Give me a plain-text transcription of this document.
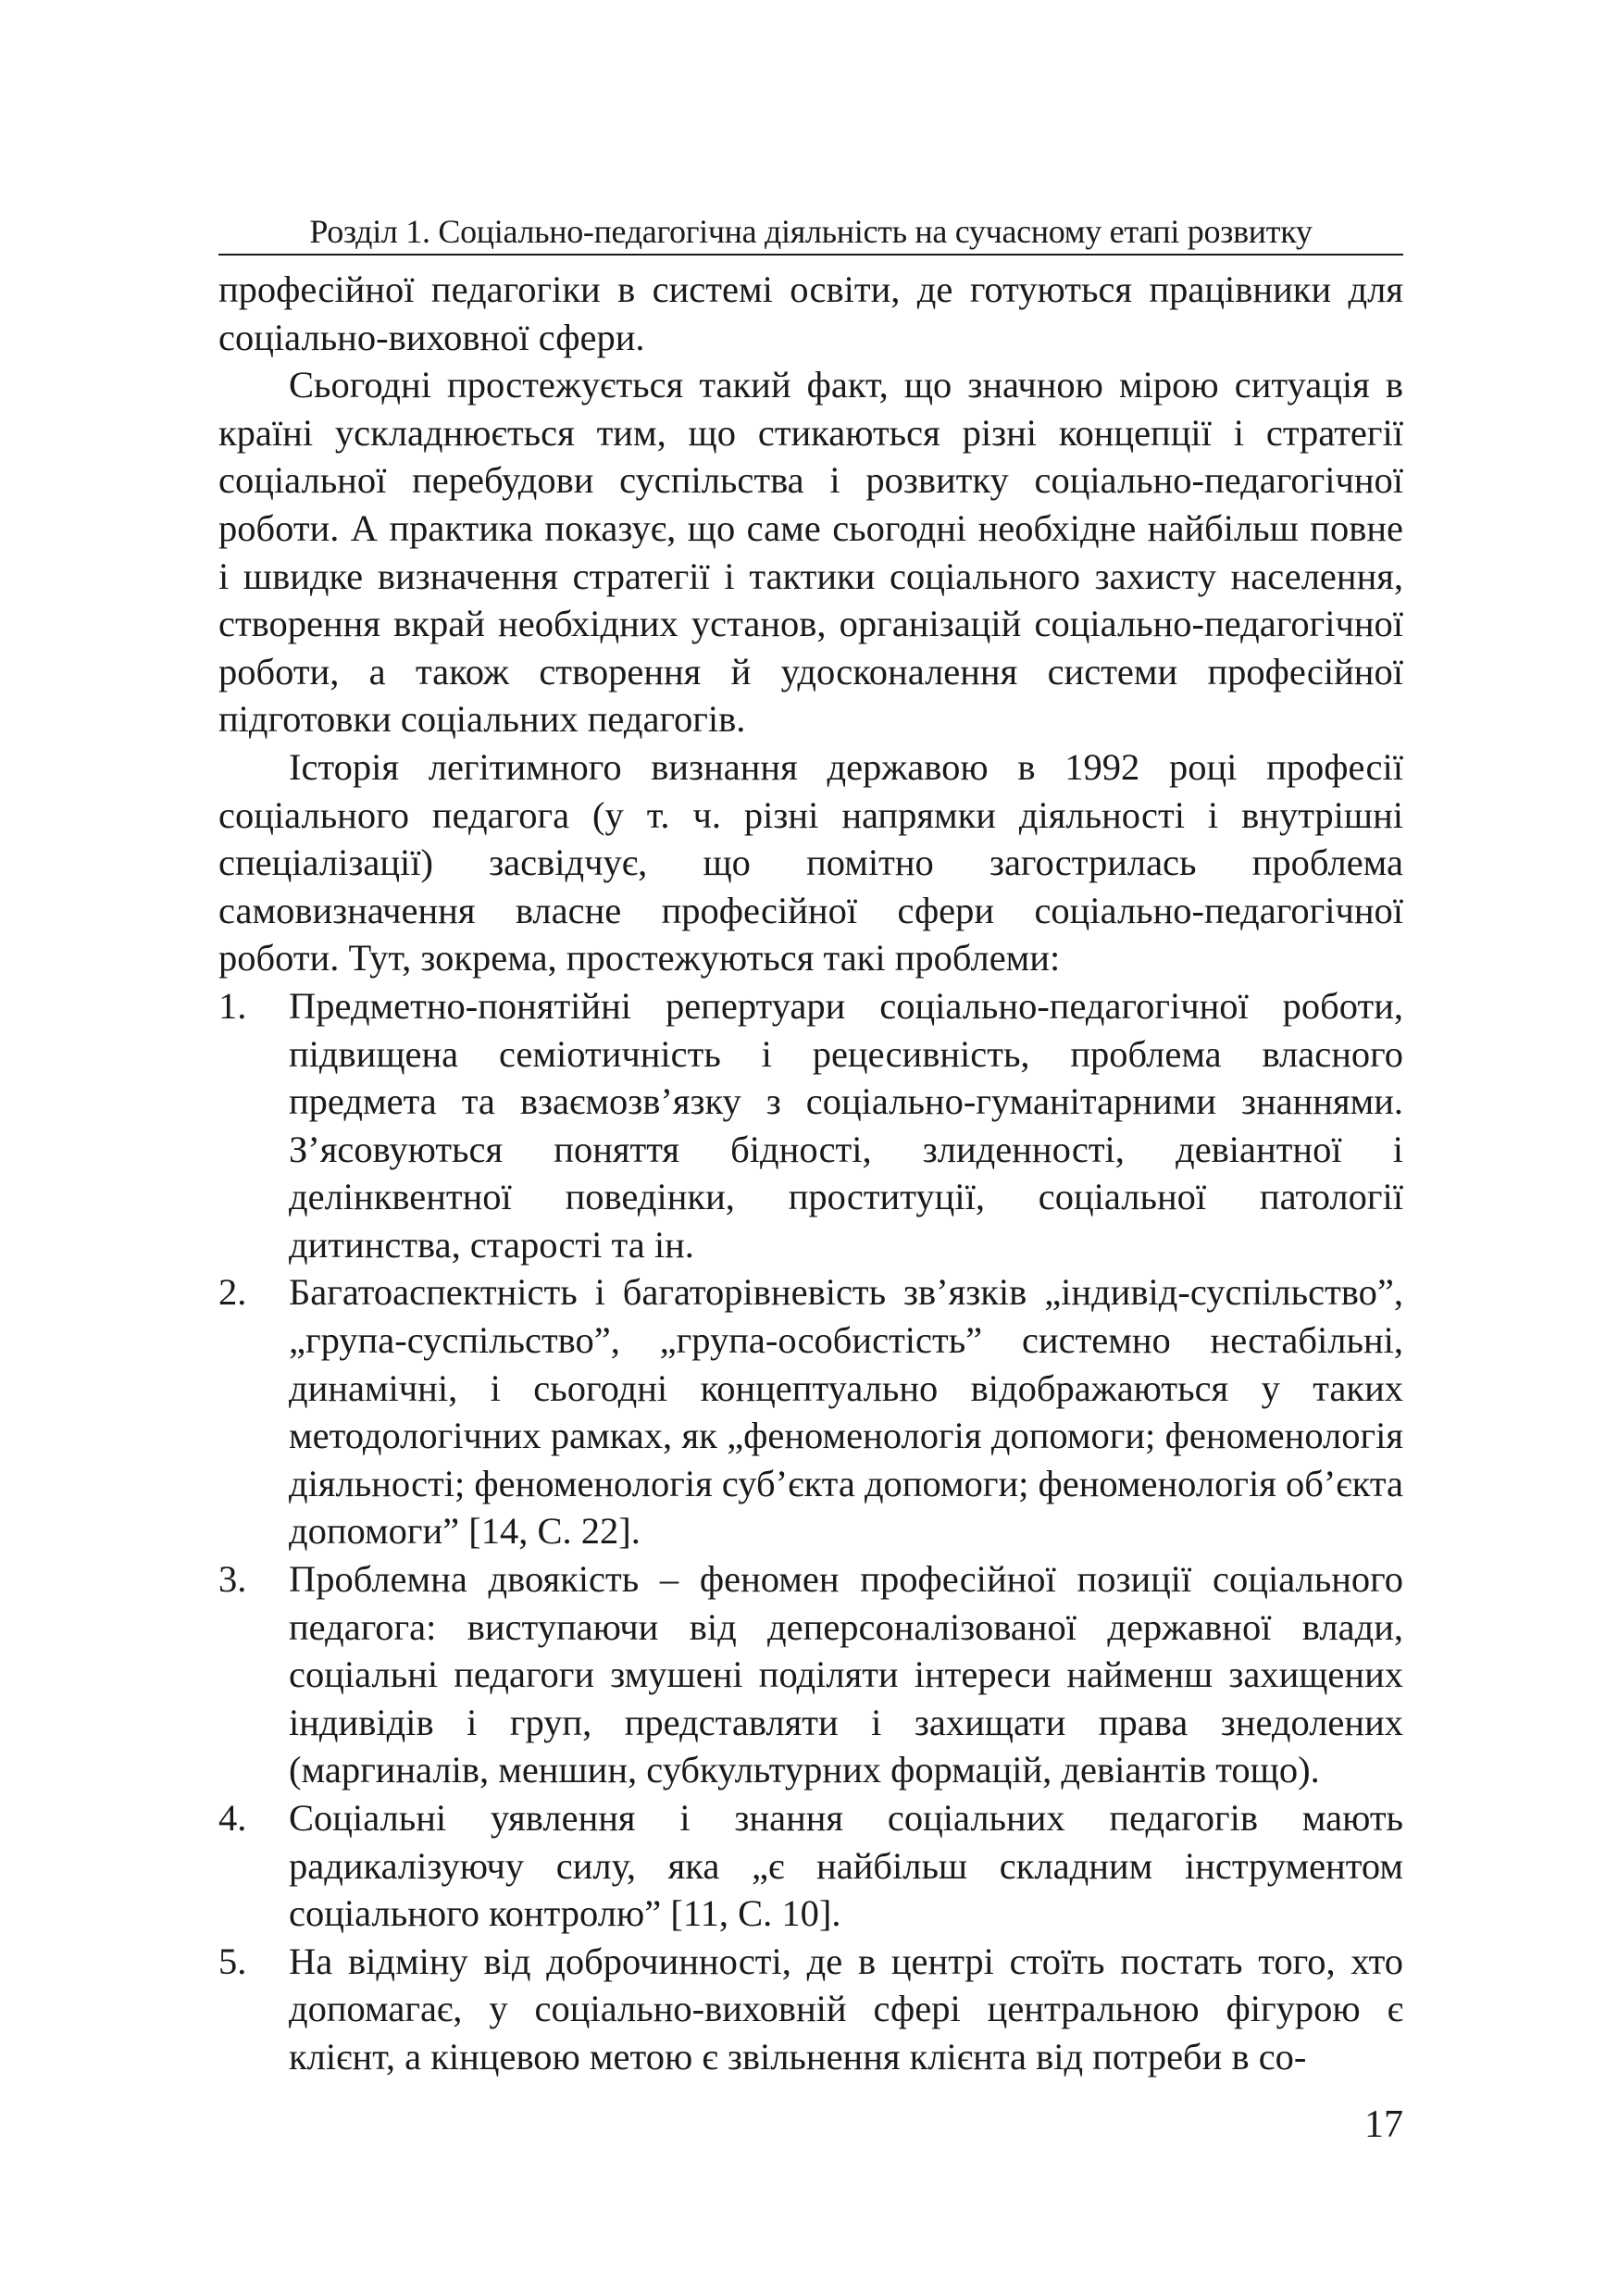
Розділ 1. Соціально-педагогічна діяльність на сучасному етапі розвитку

професійної педагогіки в системі освіти, де готуються працівники для соціально-виховної сфери.

Сьогодні простежується такий факт, що значною мірою ситуація в країні ускладнюється тим, що стикаються різні концепції і стратегії соціальної перебудови суспільства і розвитку соціально-педагогічної роботи. А практика показує, що саме сьогодні необхідне найбільш повне і швидке визначення стратегії і тактики соціального захисту населення, створення вкрай необхідних установ, організацій соціально-педагогічної роботи, а також створення й удосконалення системи професійної підготовки соціальних педагогів.

Історія легітимного визнання державою в 1992 році професії соціального педагога (у т. ч. різні напрямки діяльності і внутрішні спеціалізації) засвідчує, що помітно загострилась проблема самовизначення власне професійної сфери соціально-педагогічної роботи. Тут, зокрема, простежуються такі проблеми:

1. Предметно-понятійні репертуари соціально-педагогічної роботи, підвищена семіотичність і рецесивність, проблема власного предмета та взаємозв’язку з соціально-гуманітарними знаннями. З’ясовуються поняття бідності, злиденності, девіантної і делінквентної поведінки, проституції, соціальної патології дитинства, старості та ін.
2. Багатоаспектність і багаторівневість зв’язків „індивід-суспільство”, „група-суспільство”, „група-особистість” системно нестабільні, динамічні, і сьогодні концептуально відображаються у таких методологічних рамках, як „феноменологія допомоги; феноменологія діяльності; феноменологія суб’єкта допомоги; феноменологія об’єкта допомоги” [14, С. 22].
3. Проблемна двоякість – феномен професійної позиції соціального педагога: виступаючи від деперсоналізованої державної влади, соціальні педагоги змушені поділяти інтереси найменш захищених індивідів і груп, представляти і захищати права знедолених (маргиналів, меншин, субкультурних формацій, девіантів тощо).
4. Соціальні уявлення і знання соціальних педагогів мають радикалізуючу силу, яка „є найбільш складним інструментом соціального контролю” [11, С. 10].
5. На відміну від доброчинності, де в центрі стоїть постать того, хто допомагає, у соціально-виховній сфері центральною фігурою є клієнт, а кінцевою метою є звільнення клієнта від потреби в со-
17
